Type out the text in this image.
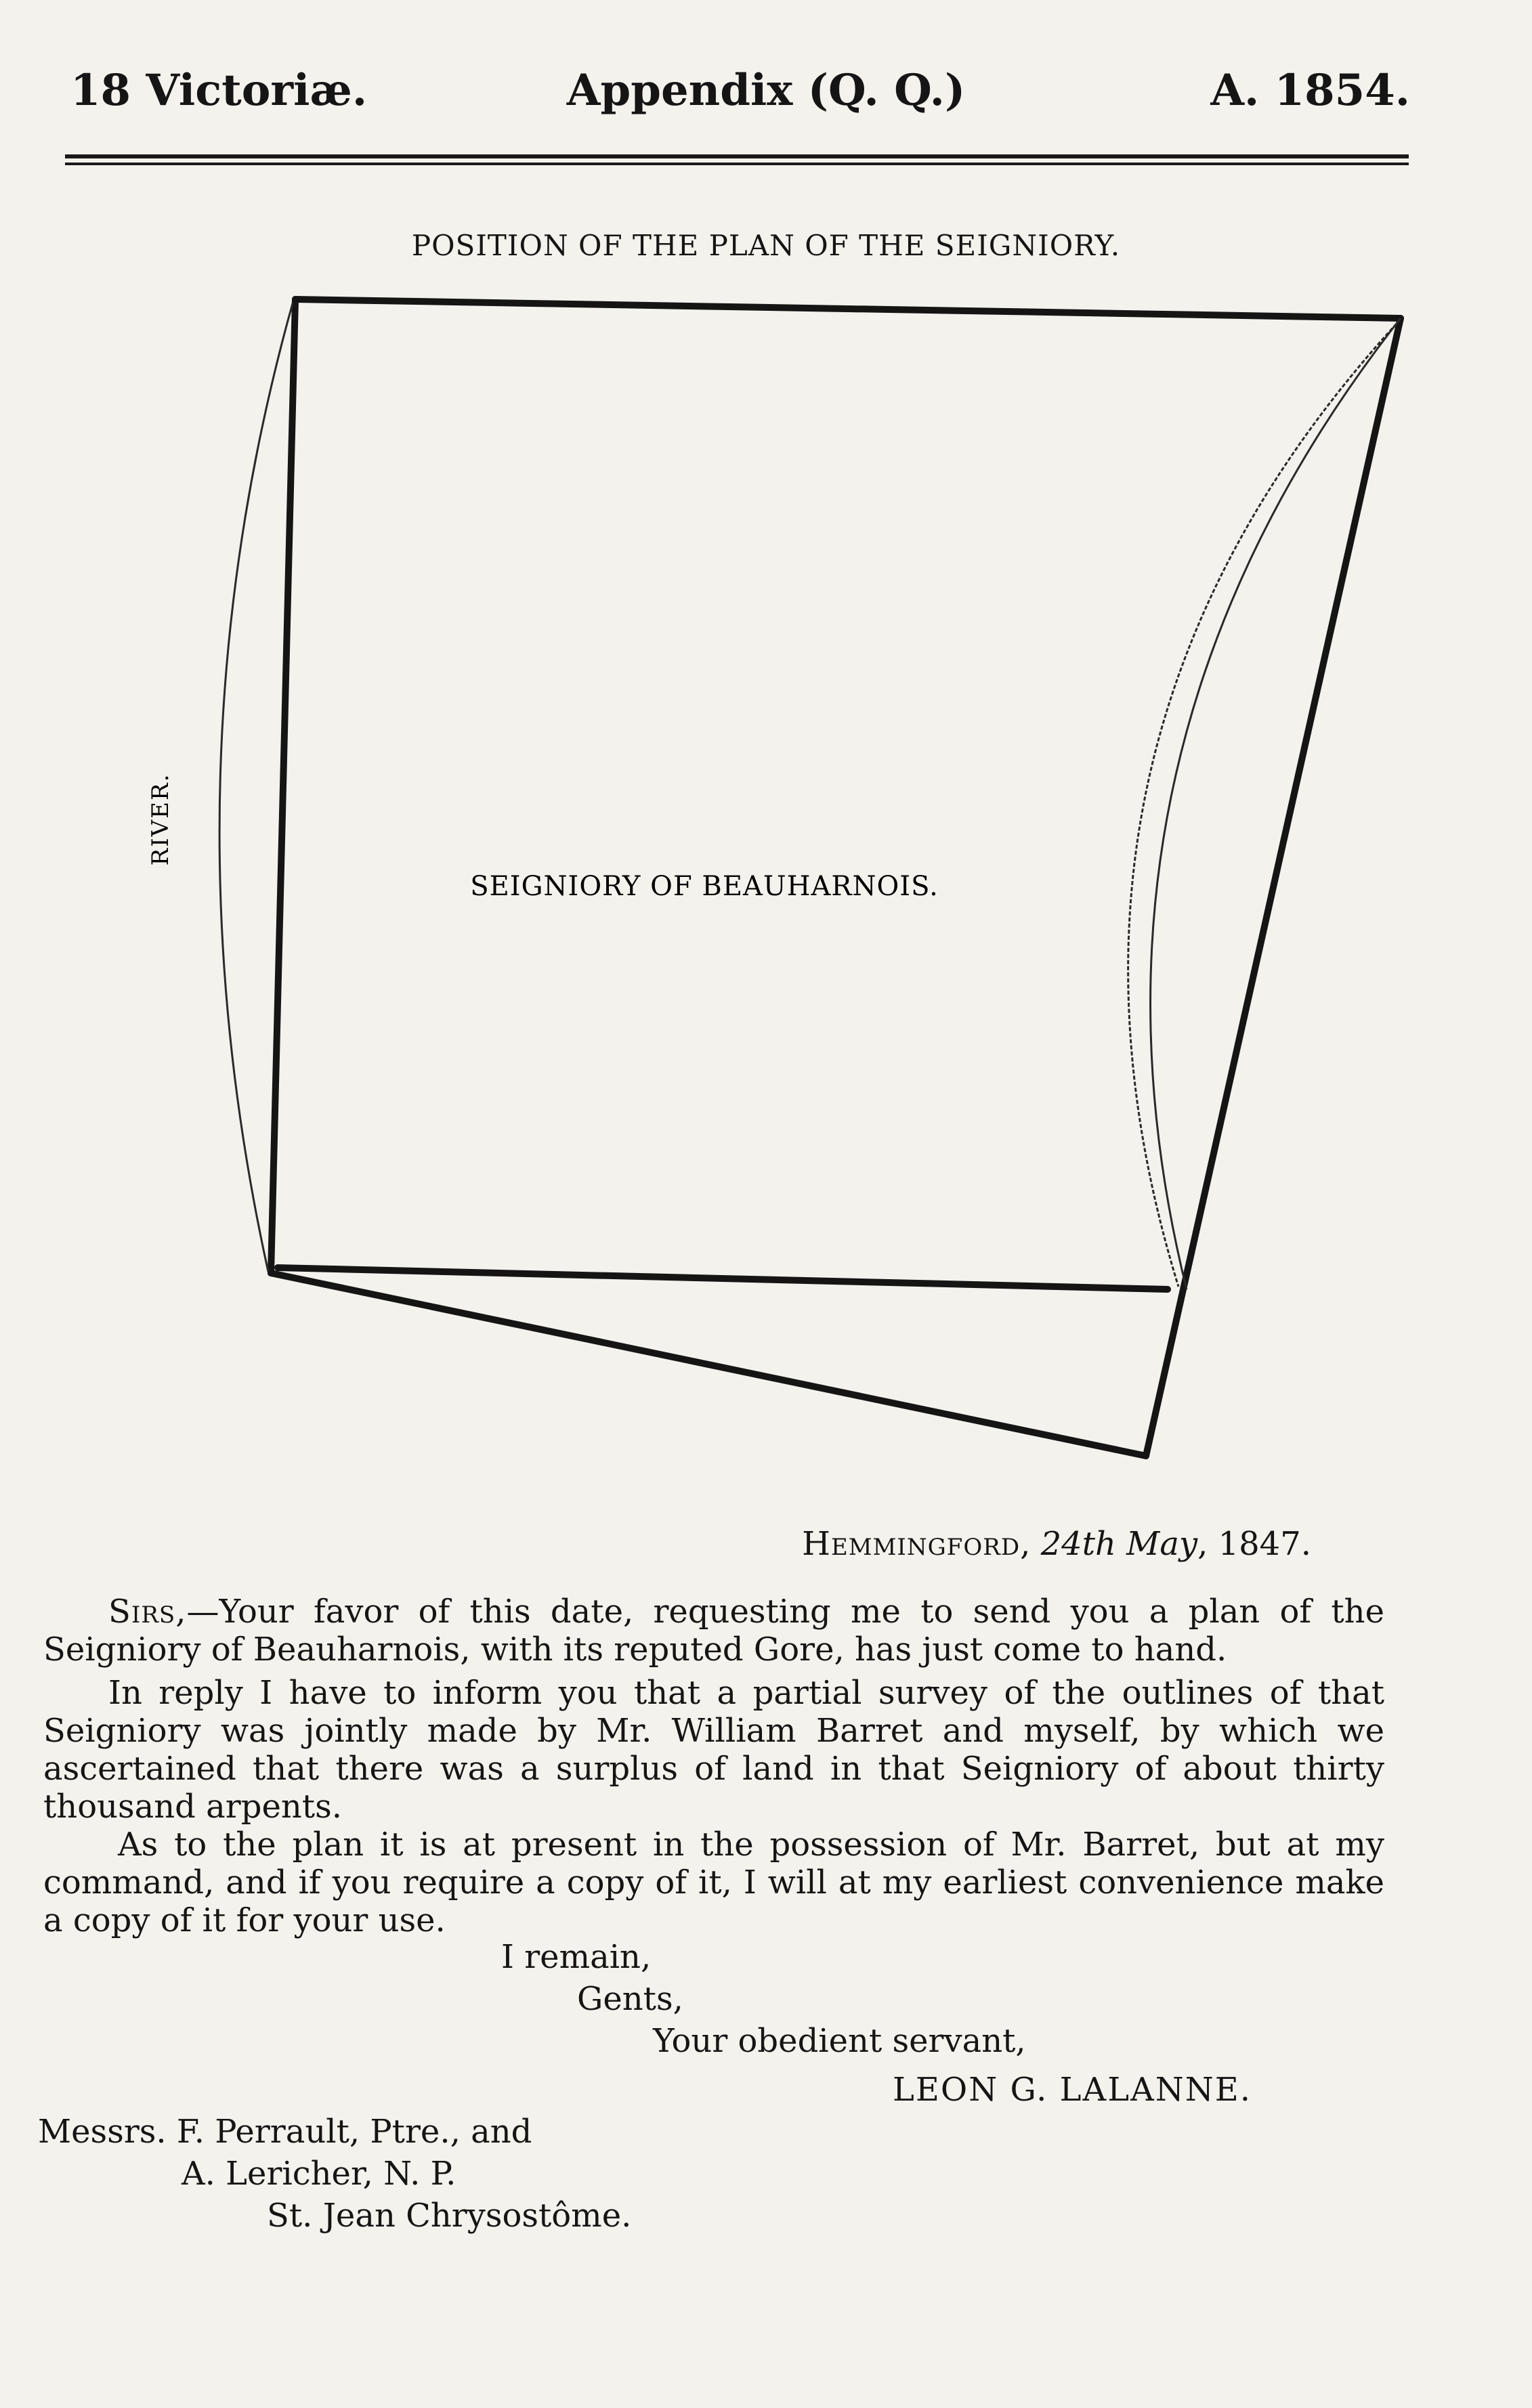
18 Victoriæ.	Appendix (Q. Q.)	A. 1854.
POSITION OF THE PLAN OF THE SEIGNIORY.
RIVER.
SEIGNIORY OF BEAUHARNOIS.
Hemmingford, 24th May, 1847.
Sirs,—Your favor of this date, requesting me to send you a plan of the Seigniory of Beauharnois, with its reputed Gore, has just come to hand.
In reply I have to inform you that a partial survey of the outlines of that Seigniory was jointly made by Mr. William Barret and myself, by which we ascertained that there was a surplus of land in that Seigniory of about thirty thousand arpents.
As to the plan it is at present in the possession of Mr. Barret, but at my command, and if you require a copy of it, I will at my earliest convenience make a copy of it for your use.
I remain,
Gents,
Your obedient servant,
LEON G. LALANNE.
Messrs. F. Perrault, Ptre., and
A. Lericher, N. P.
St. Jean Chrysostôme.
